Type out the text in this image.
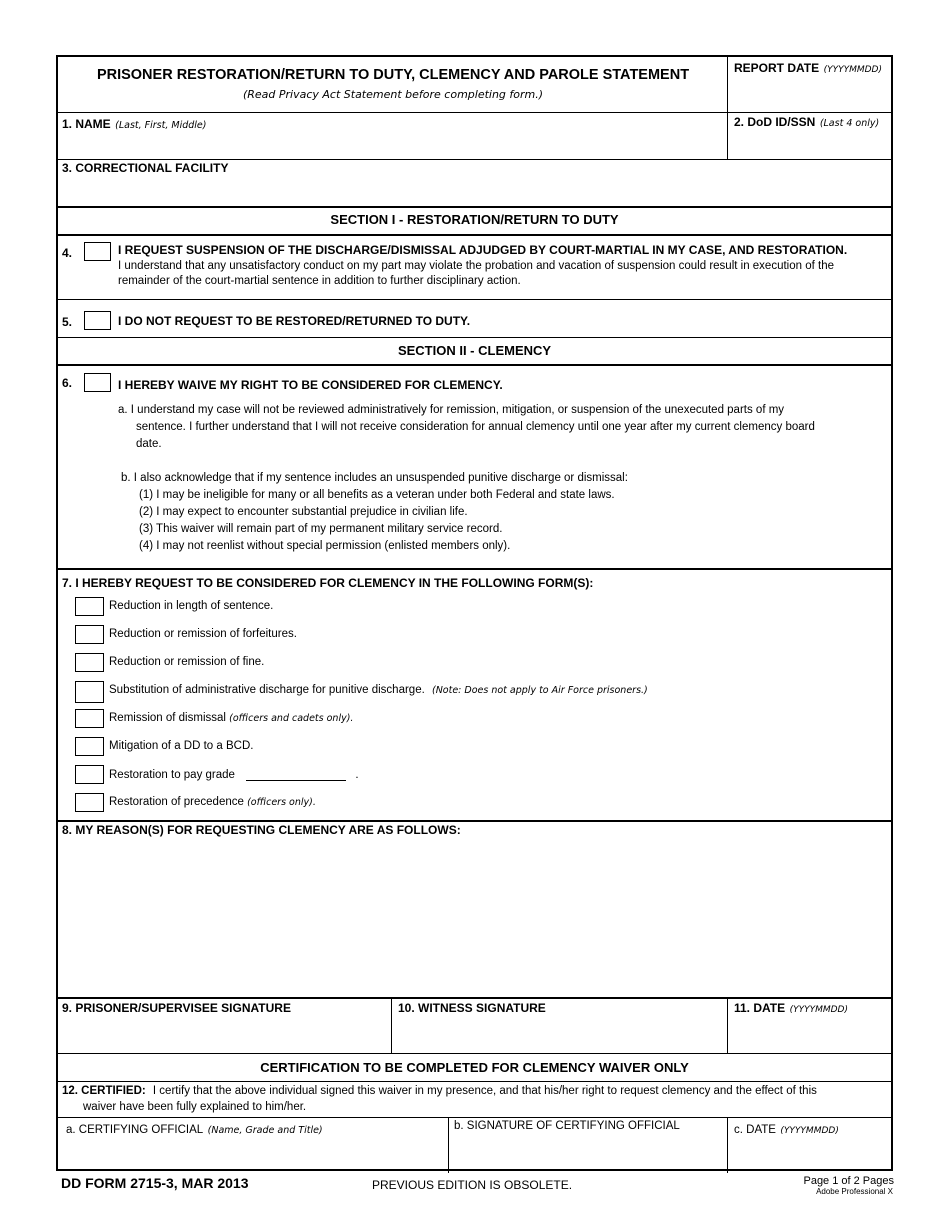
PRISONER RESTORATION/RETURN TO DUTY, CLEMENCY AND PAROLE STATEMENT
(Read Privacy Act Statement before completing form.)
REPORT DATE (YYYYMMDD)
1. NAME (Last, First, Middle)	2. DoD ID/SSN (Last 4 only)
3. CORRECTIONAL FACILITY
SECTION I - RESTORATION/RETURN TO DUTY
4.	I REQUEST SUSPENSION OF THE DISCHARGE/DISMISSAL ADJUDGED BY COURT-MARTIAL IN MY CASE, AND RESTORATION.
I understand that any unsatisfactory conduct on my part may violate the probation and vacation of suspension could result in execution of the
remainder of the court-martial sentence in addition to further disciplinary action.
5.	I DO NOT REQUEST TO BE RESTORED/RETURNED TO DUTY.
SECTION II - CLEMENCY
6.	I HEREBY WAIVE MY RIGHT TO BE CONSIDERED FOR CLEMENCY.
a. I understand my case will not be reviewed administratively for remission, mitigation, or suspension of the unexecuted parts of my
sentence. I further understand that I will not receive consideration for annual clemency until one year after my current clemency board
date.
b. I also acknowledge that if my sentence includes an unsuspended punitive discharge or dismissal:
(1) I may be ineligible for many or all benefits as a veteran under both Federal and state laws.
(2) I may expect to encounter substantial prejudice in civilian life.
(3) This waiver will remain part of my permanent military service record.
(4) I may not reenlist without special permission (enlisted members only).
7. I HEREBY REQUEST TO BE CONSIDERED FOR CLEMENCY IN THE FOLLOWING FORM(S):
Reduction in length of sentence.
Reduction or remission of forfeitures.
Reduction or remission of fine.
Substitution of administrative discharge for punitive discharge. (Note: Does not apply to Air Force prisoners.)
Remission of dismissal (officers and cadets only).
Mitigation of a DD to a BCD.
Restoration to pay grade	.
Restoration of precedence (officers only).
8. MY REASON(S) FOR REQUESTING CLEMENCY ARE AS FOLLOWS:
9. PRISONER/SUPERVISEE SIGNATURE	10. WITNESS SIGNATURE	11. DATE (YYYYMMDD)
CERTIFICATION TO BE COMPLETED FOR CLEMENCY WAIVER ONLY
12. CERTIFIED: I certify that the above individual signed this waiver in my presence, and that his/her right to request clemency and the effect of this
waiver have been fully explained to him/her.
a. CERTIFYING OFFICIAL (Name, Grade and Title)	b. SIGNATURE OF CERTIFYING OFFICIAL	c. DATE (YYYYMMDD)
DD FORM 2715-3, MAR 2013	PREVIOUS EDITION IS OBSOLETE.	Page 1 of 2 Pages
Adobe Professional X
